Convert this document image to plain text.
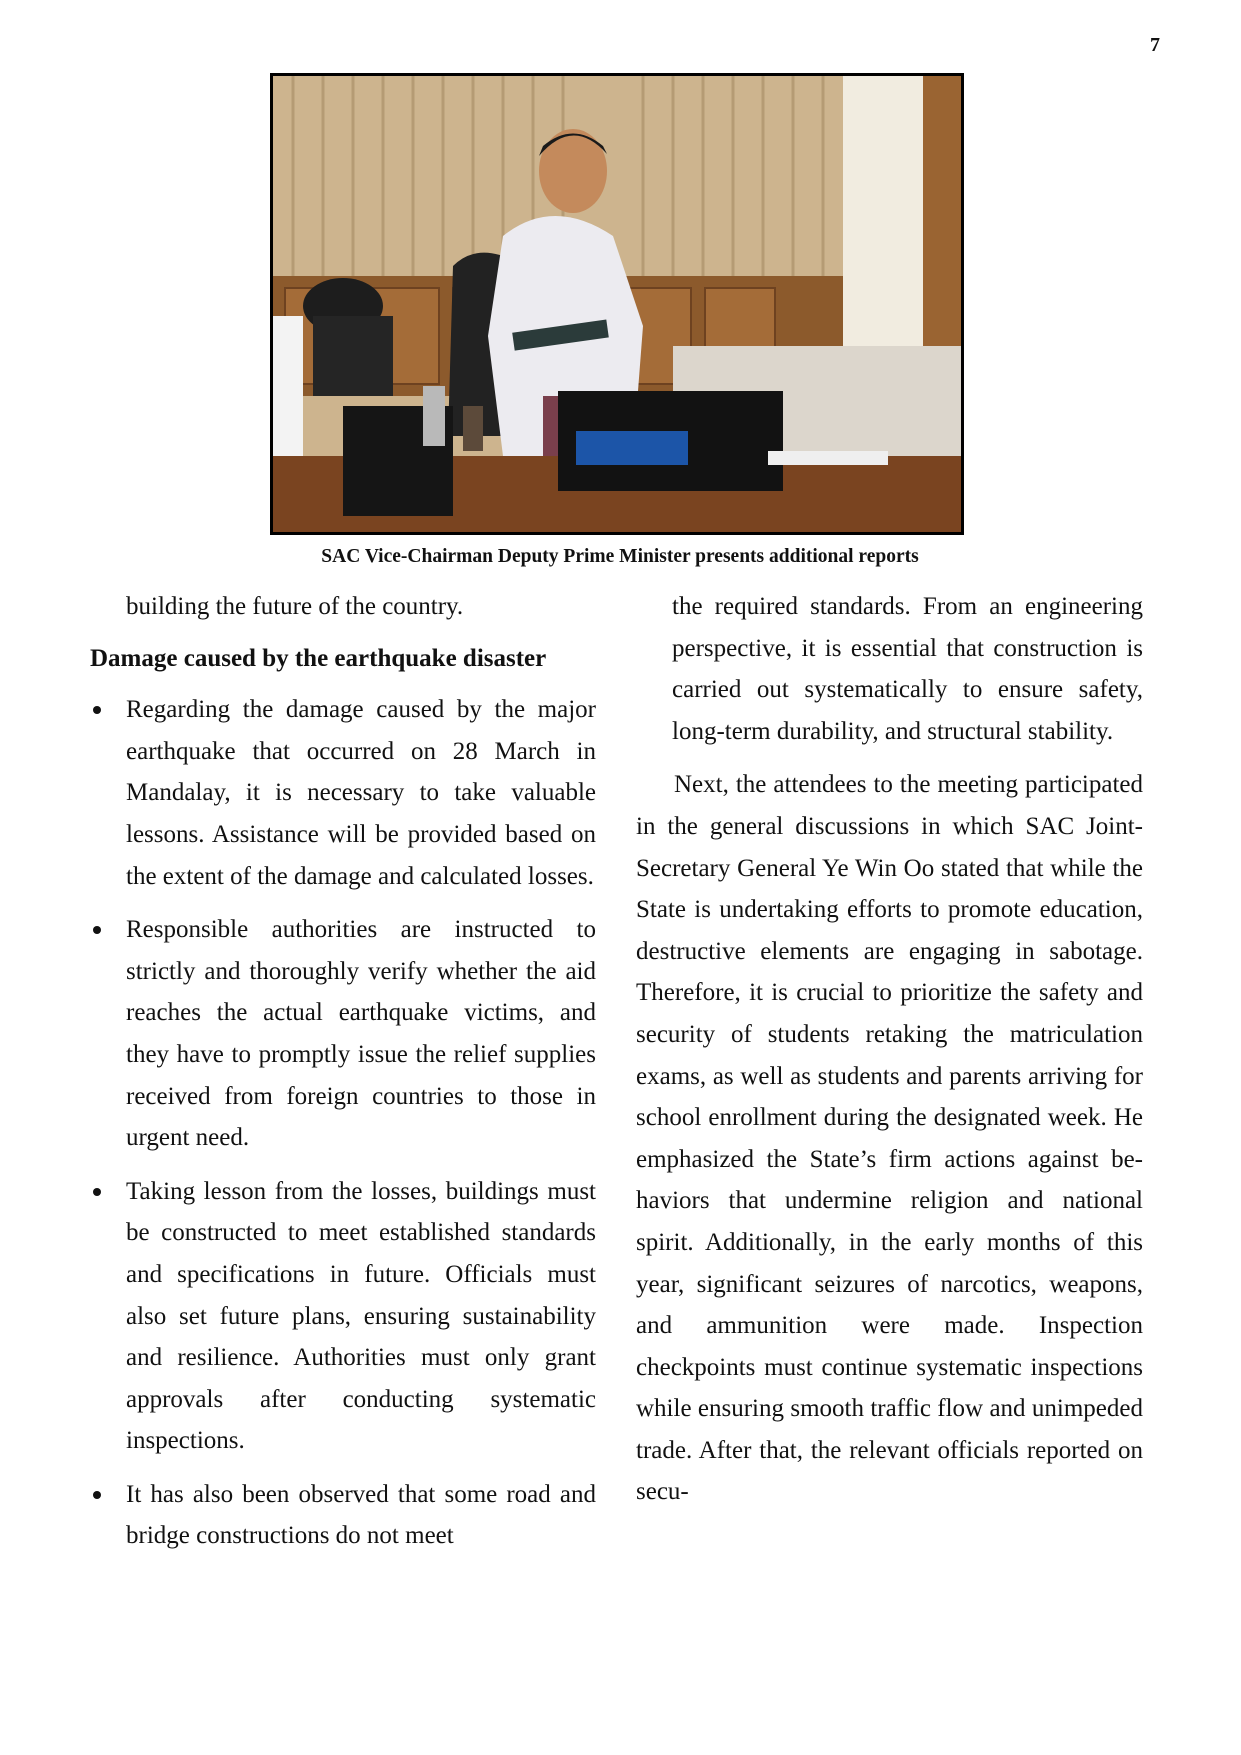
7
SAC Vice-Chairman Deputy Prime Minister presents additional reports

building the future of the country.

Damage caused by the earthquake disaster

Regarding the damage caused by the major earthquake that occurred on 28 March in Mandalay, it is necessary to take valuable lessons. Assistance will be provided based on the extent of the damage and calculated losses.
Responsible authorities are instructed to strictly and thoroughly verify whether the aid reaches the actual earthquake victims, and they have to promptly issue the relief supplies received from foreign countries to those in urgent need.
Taking lesson from the losses, buildings must be constructed to meet established standards and specifications in future. Officials must also set future plans, ensuring sustainability and resilience. Authorities must only grant approvals after conducting systematic inspections.
It has also been observed that some road and bridge constructions do not meet

the required standards. From an engineering perspective, it is essential that construction is carried out systematically to ensure safety, long-term durability, and structural stability.

Next, the attendees to the meeting participated in the general discussions in which SAC Joint-Secretary General Ye Win Oo stated that while the State is undertaking efforts to promote education, destructive elements are engaging in sabotage. Therefore, it is crucial to prioritize the safety and security of students retaking the matriculation exams, as well as students and parents arriving for school enrollment during the designated week. He emphasized the State’s firm actions against behaviors that undermine religion and national spirit. Additionally, in the early months of this year, significant seizures of narcotics, weapons, and ammunition were made. Inspection checkpoints must continue systematic inspections while ensuring smooth traffic flow and unimpeded trade. After that, the relevant officials reported on secu-
